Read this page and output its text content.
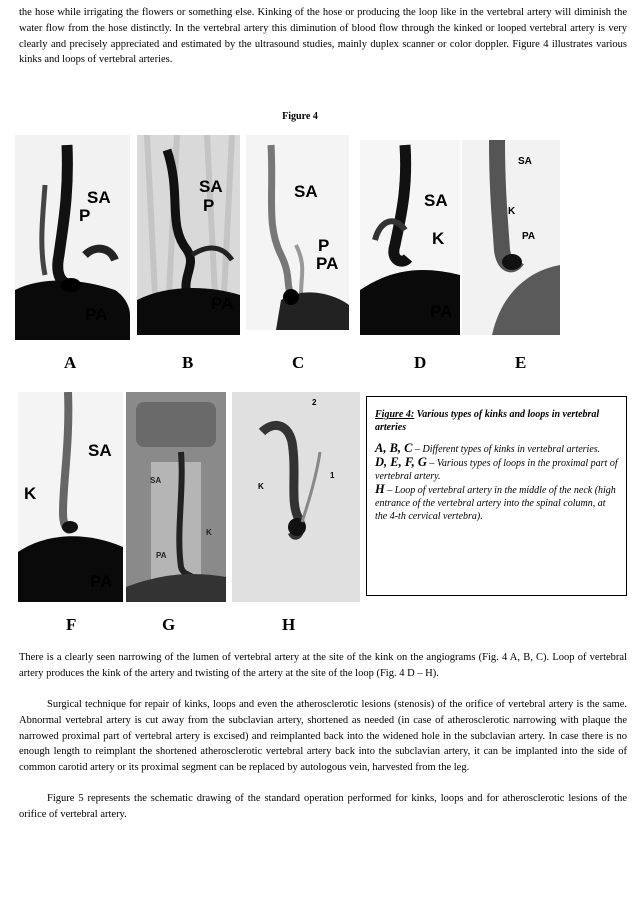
the hose while irrigating the flowers or something else. Kinking of the hose or producing the loop like in the vertebral artery will diminish the water flow from the hose distinctly. In the vertebral artery this diminution of blood flow through the kinked or looped vertebral artery is very clearly and precisely appreciated and estimated by the ultrasound studies, mainly duplex scanner or color doppler. Figure 4 illustrates various kinks and loops of vertebral arteries.

Figure 4
SA
P
PA
SA
P
PA
SA
P
PA
SA
K
PA
SA
K
PA
A	B	C	D	E
SA
K
PA
SA
K
PA
2
K
1
F	G	H

Figure 4: Various types of kinks and loops in vertebral arteries

A, B, C – Different types of kinks in vertebral arteries.

D, E, F, G – Various types of loops in the proximal part of vertebral artery.

H – Loop of vertebral artery in the middle of the neck (high entrance of the vertebral artery into the spinal column, at the 4-th cervical vertebra).

There is a clearly seen narrowing of the lumen of vertebral artery at the site of the kink on the angiograms (Fig. 4 A, B, C). Loop of vertebral artery produces the kink of the artery and twisting of the artery at the site of the loop (Fig. 4 D – H).

Surgical technique for repair of kinks, loops and even the atherosclerotic lesions (stenosis) of the orifice of vertebral artery is the same. Abnormal vertebral artery is cut away from the subclavian artery, shortened as needed (in case of atherosclerotic narrowing with plaque the narrowed proximal part of vertebral artery is excised) and reimplanted back into the widened hole in the subclavian artery. In case there is no enough length to reimplant the shortened atherosclerotic vertebral artery back into the subclavian artery, it can be implanted into the side of common carotid artery or its proximal segment can be replaced by autologous vein, harvested from the leg.

Figure 5 represents the schematic drawing of the standard operation performed for kinks, loops and for atherosclerotic lesions of the orifice of vertebral artery.
